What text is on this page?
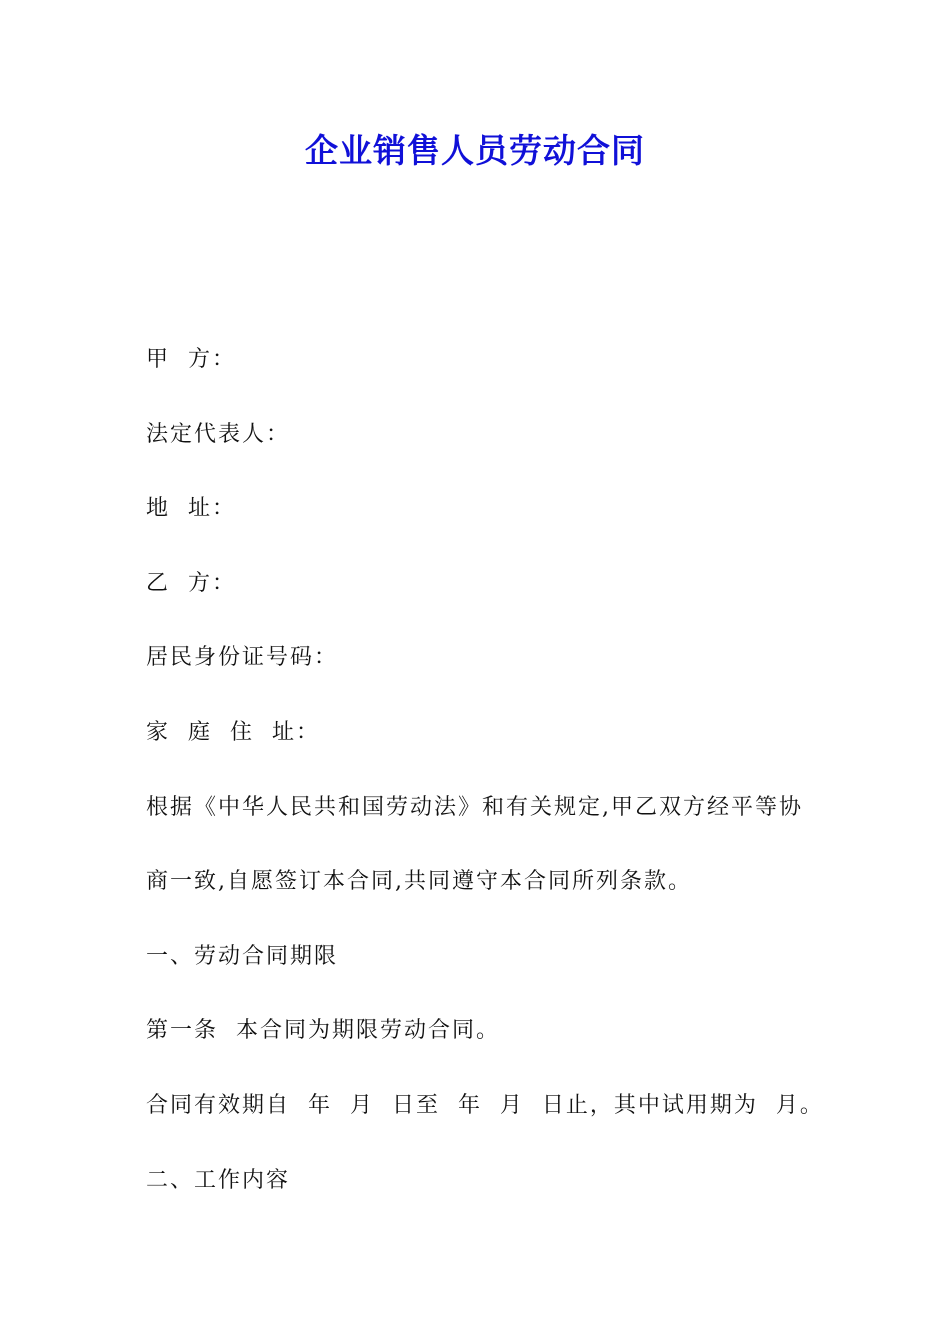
企业销售人员劳动合同
甲  方：
法定代表人：
地  址：
乙  方：
居民身份证号码：
家  庭  住  址：
根据《中华人民共和国劳动法》和有关规定,甲乙双方经平等协
商一致,自愿签订本合同,共同遵守本合同所列条款。
一、劳动合同期限
第一条  本合同为期限劳动合同。
合同有效期自  年  月  日至  年  月  日止，其中试用期为  月。
二、工作内容
